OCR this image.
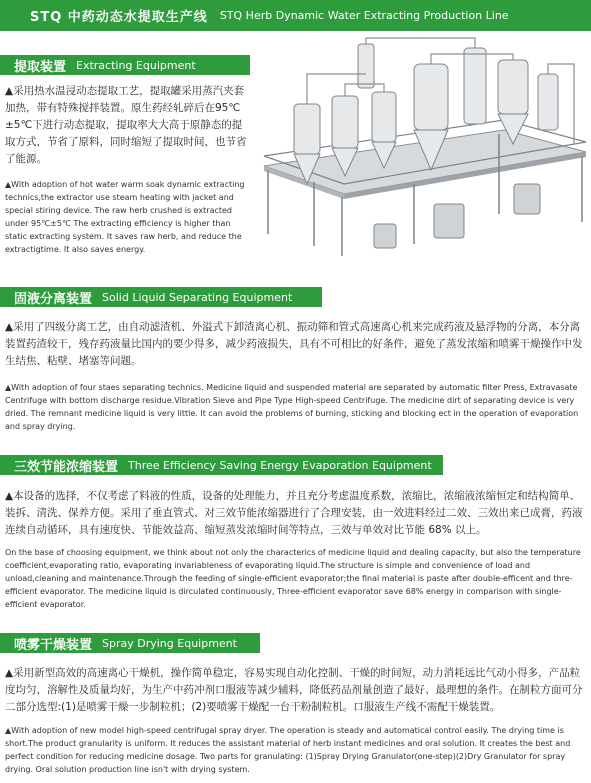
STQ 中药动态水提取生产线 STQ Herb Dynamic Water Extracting Production Line
提取装置 Extracting Equipment

▲采用热水温浸动态提取工艺，提取罐采用蒸汽夹套加热，带有特殊搅拌装置。原生药经轧碎后在95℃±5℃下进行动态提取，提取率大大高于原静态的提取方式，节省了原料，同时缩短了提取时间，也节省了能源。

▲With adoption of hot water warm soak dynamic extracting technics,the extractor use steam heating with jacket and special stiring device. The raw herb crushed is extracted under 95℃±5℃ The extracting efficiency is higher than static extracting system. It saves raw herb, and reduce the extractigtime. It also saves energy.

固液分离装置 Solid Liquid Separating Equipment

▲采用了四级分离工艺，由自动滤渣机、外溢式下卸渣离心机、振动筛和管式高速离心机来完成药液及悬浮物的分离，本分离装置药渣较干，残存药液量比国内的要少得多，减少药液损失，具有不可相比的好条件，避免了蒸发浓缩和喷雾干燥操作中发生结焦、粘壁、堵塞等问题。

▲With adoption of four staes separating technics. Medicine liquid and suspended material are separated by automatic filter Press, Extravasate Centrifuge with bottom discharge residue.Vibration Sieve and Pipe Type High-speed Centrifuge. The medicine dirt of separating device is very dried. The remnant medicine liquid is very little. It can avoid the problems of burning, sticking and blocking ect in the operation of evaporation and spray drying.

三效节能浓缩装置 Three Efficiency Saving Energy Evaporation Equipment

▲本设备的选择，不仅考虑了料液的性质，设备的处理能力，并且充分考虑温度系数，浓缩比，浓缩液浓缩恒定和结构简单、装拆、清洗、保养方便。采用了垂直管式、对三效节能浓缩器进行了合理安装，由一效进料经过二效、三效出来已成膏，药液连续自动循环，具有速度快、节能效益高、缩短蒸发浓缩时间等特点，三效与单效对比节能 68% 以上。

On the base of choosing equipment, we think about not only the characterics of medicine liquid and dealing capacity, but also the temperature coefficient,evaporating ratio, evaporating invariableness of evaporating liquid.The structure is simple and convenience of load and unload,cleaning and maintenance.Through the feeding of single-efficient evaporator;the final material is paste after double-efficent and thre-efficient evaporator. The medicine liquid is dirculated continuously, Three-efficient evaporator save 68% energy in comparison with single-efficient evaporator.

喷雾干燥装置 Spray Drying Equipment

▲采用新型高效的高速离心干燥机，操作简单稳定，容易实现自动化控制、干燥的时间短，动力消耗远比气动小得多，产品粒度均匀，溶解性及质量均好，为生产中药冲剂口服液等减少辅料，降低药品剂量创造了最好、最理想的条件。在制粒方面可分二部分选型:(1)是喷雾干燥一步制粒机；(2)要喷雾干燥配一台干粉制粒机。口服液生产线不需配干燥装置。

▲With adoption of new model high-speed centrifugal spray dryer. The operation is steady and automatical control easily. The drying time is short.The product granularity is uniform. It reduces the assistant material of herb instant medicines and oral solution. It creates the best and perfect condition for reducing medicine dosage. Two parts for granulating: (1)Spray Drying Granulator(one-step)(2)Dry Granulator for spray drying. Oral solution production line isn't with drying system.
